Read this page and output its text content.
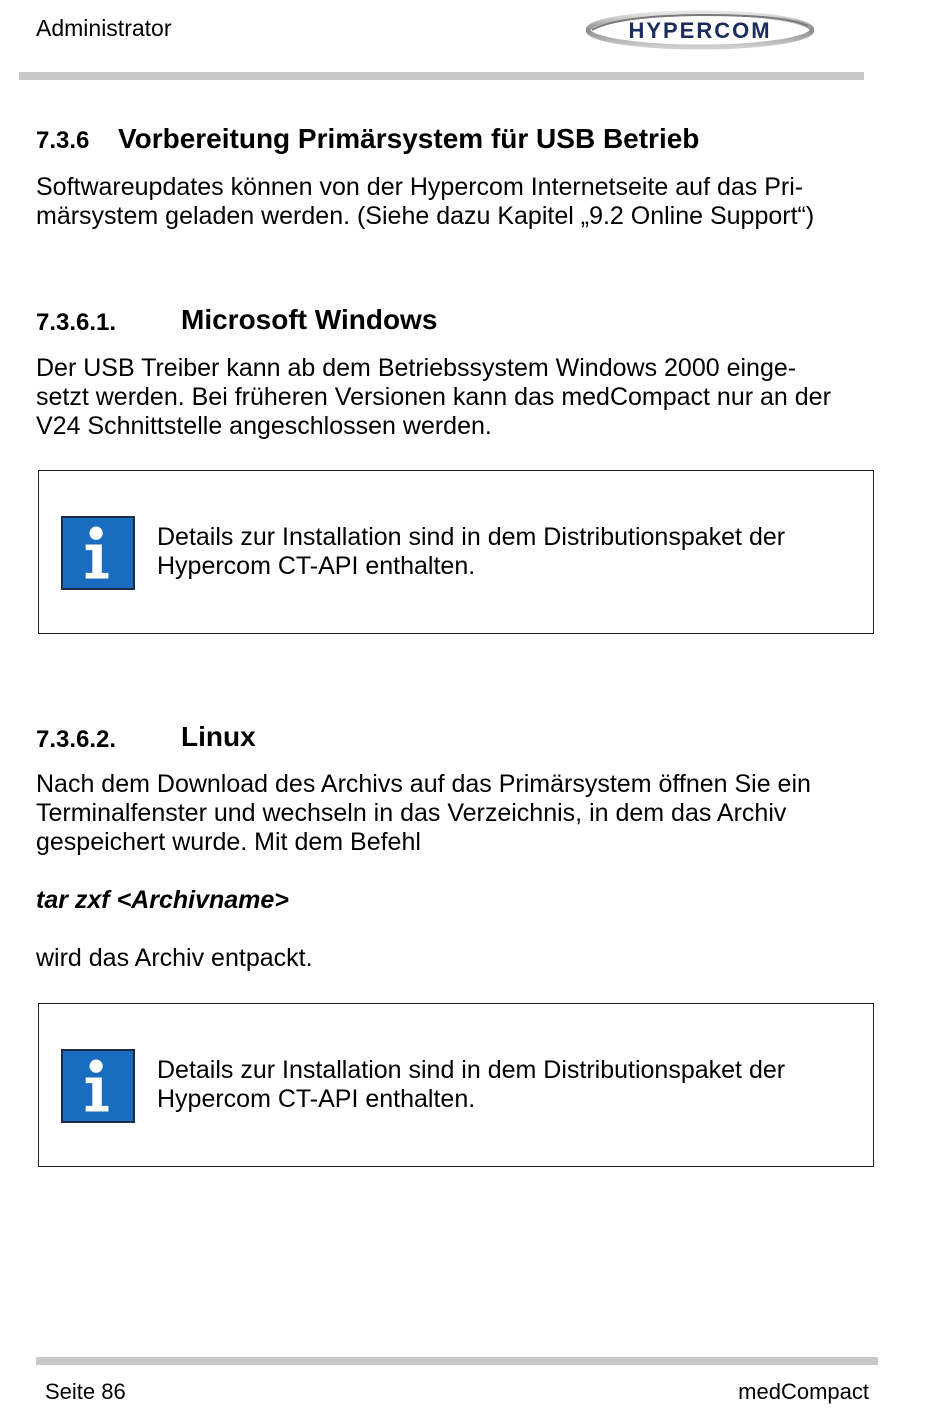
Administrator	HYPERCOM
7.3.6 Vorbereitung Primärsystem für USB Betrieb
Softwareupdates können von der Hypercom Internetseite auf das Pri-
märsystem geladen werden. (Siehe dazu Kapitel „9.2 Online Support“)
7.3.6.1. Microsoft Windows
Der USB Treiber kann ab dem Betriebssystem Windows 2000 einge-
setzt werden. Bei früheren Versionen kann das medCompact nur an der
V24 Schnittstelle angeschlossen werden.
Details zur Installation sind in dem Distributionspaket der
Hypercom CT-API enthalten.
7.3.6.2. Linux
Nach dem Download des Archivs auf das Primärsystem öffnen Sie ein
Terminalfenster und wechseln in das Verzeichnis, in dem das Archiv
gespeichert wurde. Mit dem Befehl
tar zxf <Archivname>
wird das Archiv entpackt.
Details zur Installation sind in dem Distributionspaket der
Hypercom CT-API enthalten.
Seite 86	medCompact
